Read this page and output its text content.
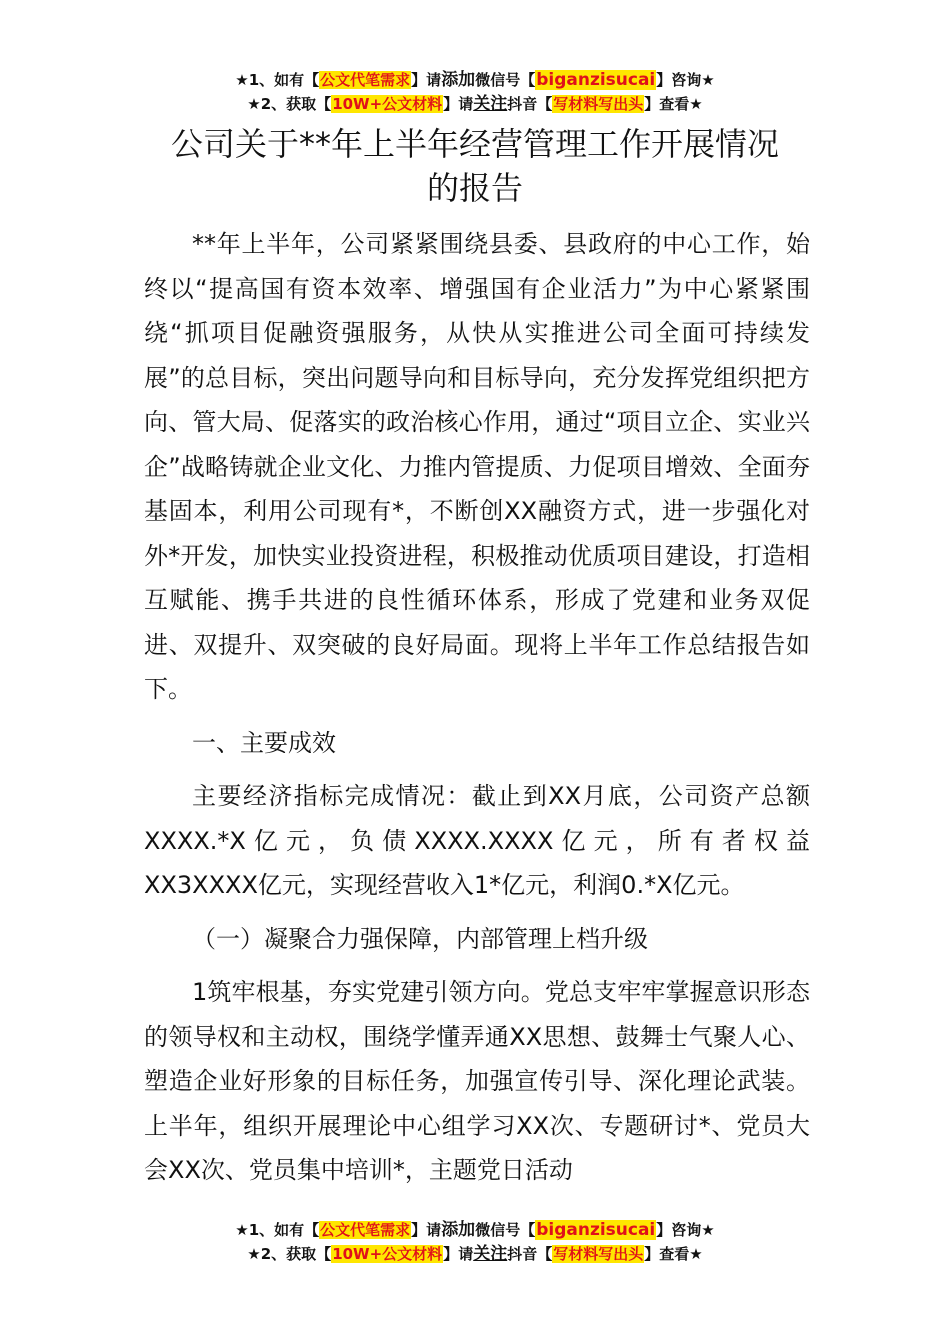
★1、如有【公文代笔需求】请添加微信号【biganzisucai】咨询★
★2、获取【10W+公文材料】请关注抖音【写材料写出头】查看★
公司关于**年上半年经营管理工作开展情况
的报告

**年上半年，公司紧紧围绕县委、县政府的中心工作，始终以“提高国有资本效率、增强国有企业活力”为中心紧紧围绕“抓项目促融资强服务，从快从实推进公司全面可持续发展”的总目标，突出问题导向和目标导向，充分发挥党组织把方向、管大局、促落实的政治核心作用，通过“项目立企、实业兴企”战略铸就企业文化、力推内管提质、力促项目增效、全面夯基固本，利用公司现有*，不断创XX融资方式，进一步强化对外*开发，加快实业投资进程，积极推动优质项目建设，打造相互赋能、携手共进的良性循环体系，形成了党建和业务双促进、双提升、双突破的良好局面。现将上半年工作总结报告如下。

一、主要成效

主要经济指标完成情况：截止到XX月底，公司资产总额XXXX.*X亿元，负债XXXX.XXXX亿元，所有者权益XX3XXXX亿元，实现经营收入1*亿元，利润0.*X亿元。

（一）凝聚合力强保障，内部管理上档升级

1筑牢根基，夯实党建引领方向。党总支牢牢掌握意识形态的领导权和主动权，围绕学懂弄通XX思想、鼓舞士气聚人心、塑造企业好形象的目标任务，加强宣传引导、深化理论武装。上半年，组织开展理论中心组学习XX次、专题研讨*、党员大会XX次、党员集中培训*，主题党日活动

★1、如有【公文代笔需求】请添加微信号【biganzisucai】咨询★
★2、获取【10W+公文材料】请关注抖音【写材料写出头】查看★
